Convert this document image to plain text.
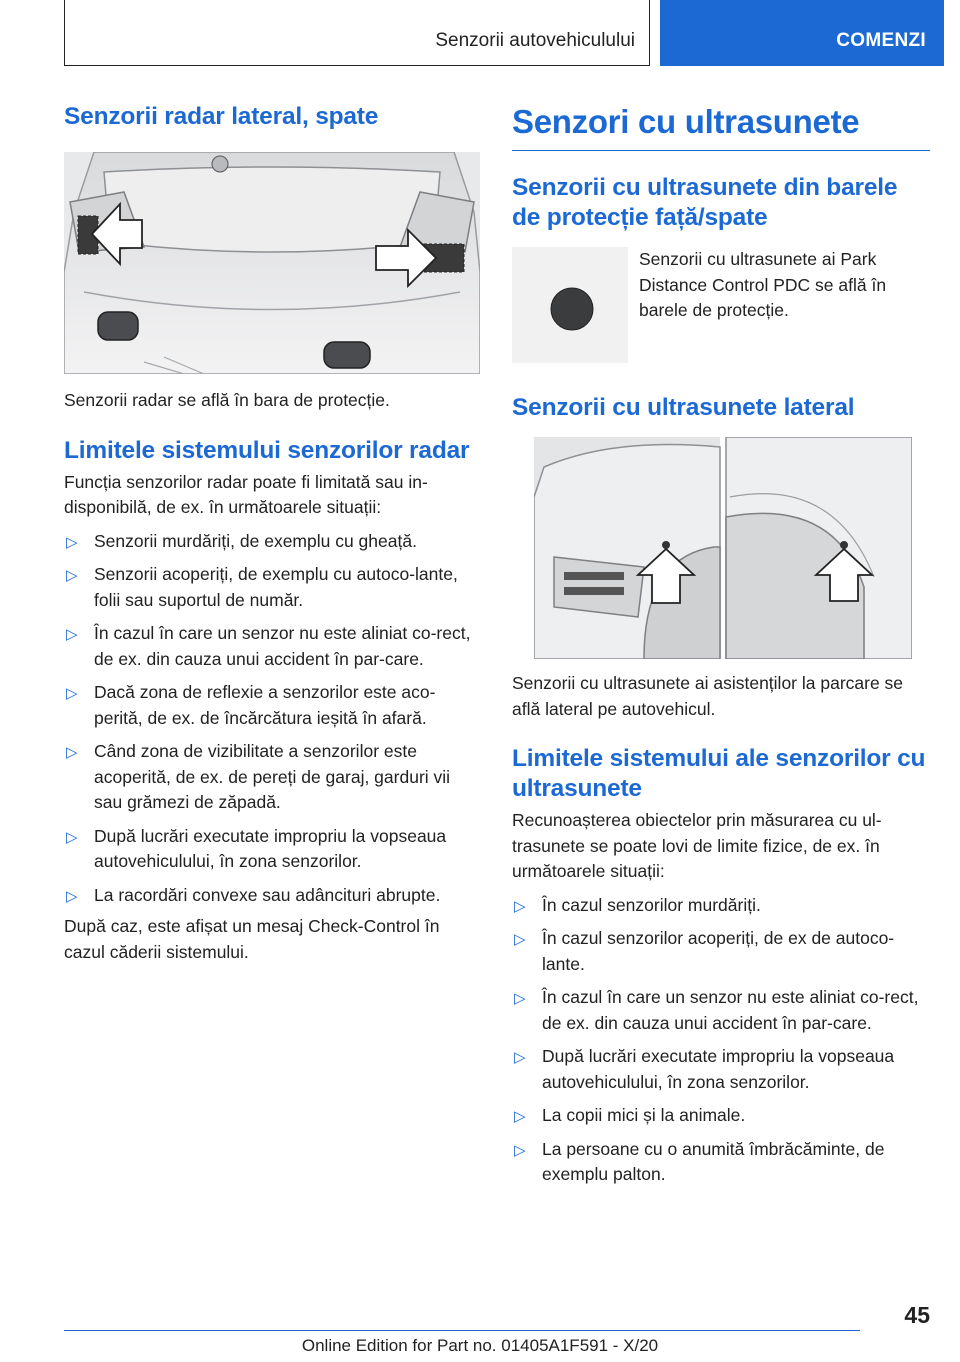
Senzorii autovehiculului	COMENZI
Senzorii radar lateral, spate

Senzorii radar se află în bara de protecție.

Limitele sistemului senzorilor radar

Funcția senzorilor radar poate fi limitată sau in-disponibilă, de ex. în următoarele situații:

▷ Senzorii murdăriți, de exemplu cu gheață.
▷ Senzorii acoperiți, de exemplu cu autoco-lante, folii sau suportul de număr.
▷ În cazul în care un senzor nu este aliniat co-rect, de ex. din cauza unui accident în par-care.
▷ Dacă zona de reflexie a senzorilor este aco-perită, de ex. de încărcătura ieșită în afară.
▷ Când zona de vizibilitate a senzorilor este acoperită, de ex. de pereți de garaj, garduri vii sau grămezi de zăpadă.
▷ După lucrări executate impropriu la vopseaua autovehiculului, în zona senzorilor.
▷ La racordări convexe sau adâncituri abrupte.

După caz, este afișat un mesaj Check-Control în cazul căderii sistemului.

Senzori cu ultrasunete
Senzorii cu ultrasunete din barele de protecție față/spate

Senzorii cu ultrasunete ai Park Distance Control PDC se află în barele de protecție.

Senzorii cu ultrasunete lateral

Senzorii cu ultrasunete ai asistenților la parcare se află lateral pe autovehicul.

Limitele sistemului ale senzorilor cu ultrasunete

Recunoașterea obiectelor prin măsurarea cu ul-trasunete se poate lovi de limite fizice, de ex. în următoarele situații:

▷ În cazul senzorilor murdăriți.
▷ În cazul senzorilor acoperiți, de ex de autoco-lante.
▷ În cazul în care un senzor nu este aliniat co-rect, de ex. din cauza unui accident în par-care.
▷ După lucrări executate impropriu la vopseaua autovehiculului, în zona senzorilor.
▷ La copii mici și la animale.
▷ La persoane cu o anumită îmbrăcăminte, de exemplu palton.
45
Online Edition for Part no. 01405A1F591 - X/20
